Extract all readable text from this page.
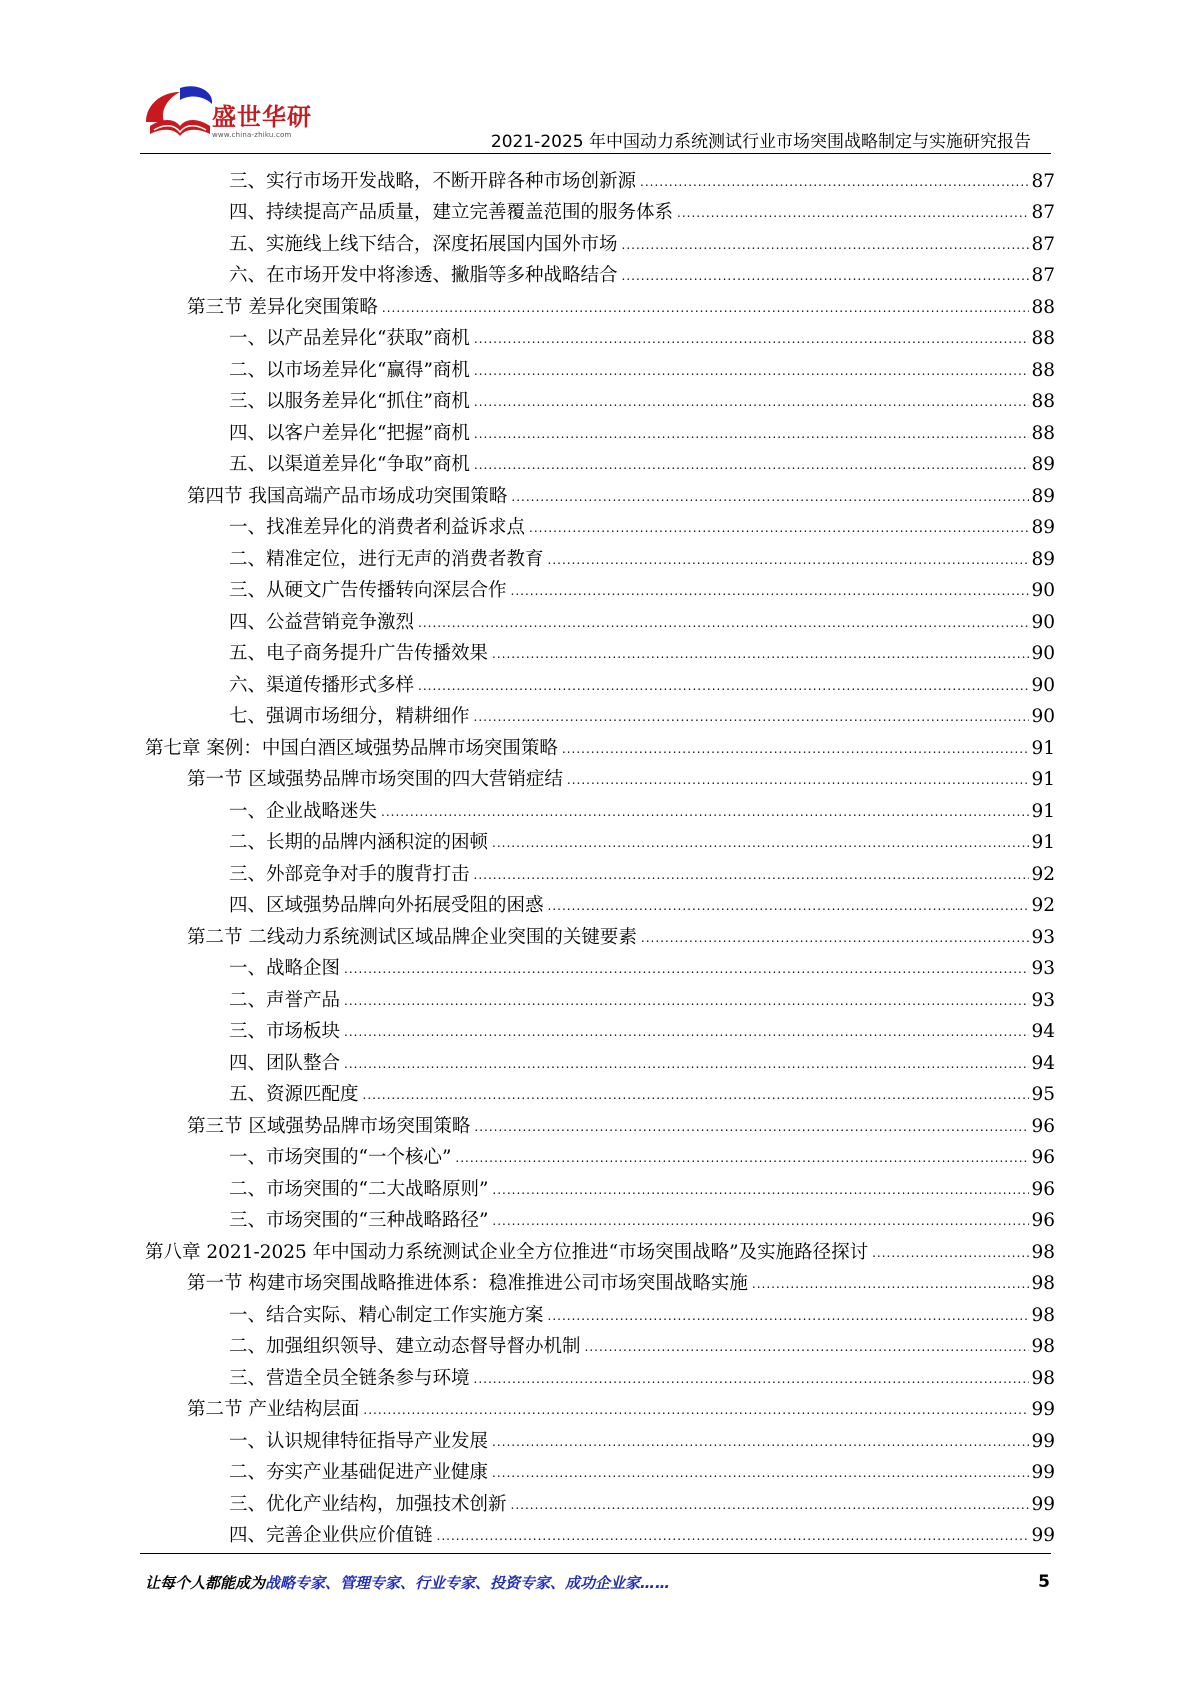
盛世华研
www.china-zhiku.com	2021-2025 年中国动力系统测试行业市场突围战略制定与实施研究报告
三、实行市场开发战略，不断开辟各种市场创新源 .....	87
四、持续提高产品质量，建立完善覆盖范围的服务体系 .....	87
五、实施线上线下结合，深度拓展国内国外市场 .....	87
六、在市场开发中将渗透、撇脂等多种战略结合 .....	87
第三节 差异化突围策略 .....	88
一、以产品差异化“获取”商机 .....	88
二、以市场差异化“赢得”商机 .....	88
三、以服务差异化“抓住”商机 .....	88
四、以客户差异化“把握”商机 .....	88
五、以渠道差异化“争取”商机 .....	89
第四节 我国高端产品市场成功突围策略 .....	89
一、找准差异化的消费者利益诉求点 .....	89
二、精准定位，进行无声的消费者教育 .....	89
三、从硬文广告传播转向深层合作 .....	90
四、公益营销竞争激烈 .....	90
五、电子商务提升广告传播效果 .....	90
六、渠道传播形式多样 .....	90
七、强调市场细分，精耕细作 .....	90
第七章 案例：中国白酒区域强势品牌市场突围策略 .....	91
第一节 区域强势品牌市场突围的四大营销症结 .....	91
一、企业战略迷失 .....	91
二、长期的品牌内涵积淀的困顿 .....	91
三、外部竞争对手的腹背打击 .....	92
四、区域强势品牌向外拓展受阻的困惑 .....	92
第二节 二线动力系统测试区域品牌企业突围的关键要素 .....	93
一、战略企图 .....	93
二、声誉产品 .....	93
三、市场板块 .....	94
四、团队整合 .....	94
五、资源匹配度 .....	95
第三节 区域强势品牌市场突围策略 .....	96
一、市场突围的“一个核心” .....	96
二、市场突围的“二大战略原则” .....	96
三、市场突围的“三种战略路径” .....	96
第八章 2021-2025 年中国动力系统测试企业全方位推进“市场突围战略”及实施路径探讨 .....	98
第一节 构建市场突围战略推进体系：稳准推进公司市场突围战略实施 .....	98
一、结合实际、精心制定工作实施方案 .....	98
二、加强组织领导、建立动态督导督办机制 .....	98
三、营造全员全链条参与环境 .....	98
第二节 产业结构层面 .....	99
一、认识规律特征指导产业发展 .....	99
二、夯实产业基础促进产业健康 .....	99
三、优化产业结构，加强技术创新 .....	99
四、完善企业供应价值链 .....	99
让每个人都能成为战略专家、管理专家、行业专家、投资专家、成功企业家……	5
